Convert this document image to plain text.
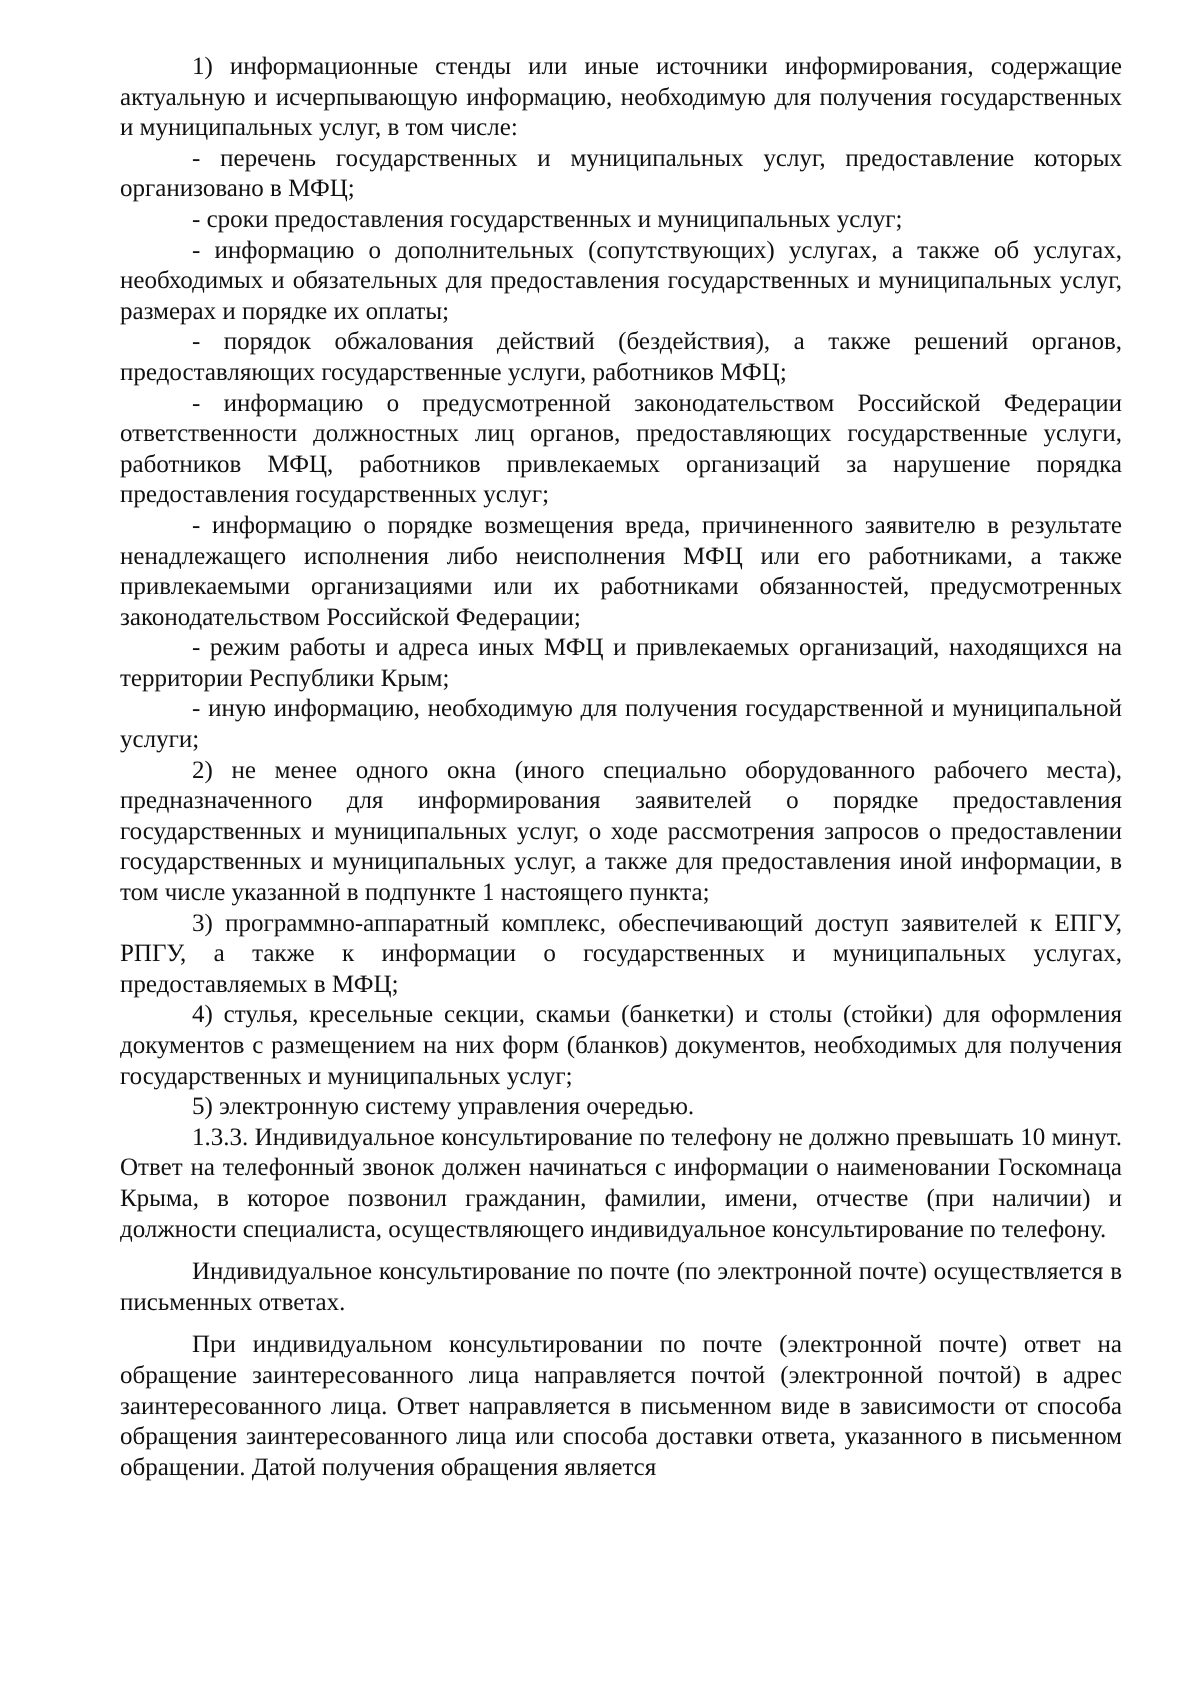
1) информационные стенды или иные источники информирования, содержащие актуальную и исчерпывающую информацию, необходимую для получения государственных и муниципальных услуг, в том числе:

- перечень государственных и муниципальных услуг, предоставление которых организовано в МФЦ;

- сроки предоставления государственных и муниципальных услуг;

- информацию о дополнительных (сопутствующих) услугах, а также об услугах, необходимых и обязательных для предоставления государственных и муниципальных услуг, размерах и порядке их оплаты;

- порядок обжалования действий (бездействия), а также решений органов, предоставляющих государственные услуги, работников МФЦ;

- информацию о предусмотренной законодательством Российской Федерации ответственности должностных лиц органов, предоставляющих государственные услуги, работников МФЦ, работников привлекаемых организаций за нарушение порядка предоставления государственных услуг;

- информацию о порядке возмещения вреда, причиненного заявителю в результате ненадлежащего исполнения либо неисполнения МФЦ или его работниками, а также привлекаемыми организациями или их работниками обязанностей, предусмотренных законодательством Российской Федерации;

- режим работы и адреса иных МФЦ и привлекаемых организаций, находящихся на территории Республики Крым;

- иную информацию, необходимую для получения государственной и муниципальной услуги;

2) не менее одного окна (иного специально оборудованного рабочего места), предназначенного для информирования заявителей о порядке предоставления государственных и муниципальных услуг, о ходе рассмотрения запросов о предоставлении государственных и муниципальных услуг, а также для предоставления иной информации, в том числе указанной в подпункте 1 настоящего пункта;

3) программно-аппаратный комплекс, обеспечивающий доступ заявителей к ЕПГУ, РПГУ, а также к информации о государственных и муниципальных услугах, предоставляемых в МФЦ;

4) стулья, кресельные секции, скамьи (банкетки) и столы (стойки) для оформления документов с размещением на них форм (бланков) документов, необходимых для получения государственных и муниципальных услуг;

5) электронную систему управления очередью.

1.3.3. Индивидуальное консультирование по телефону не должно превышать 10 минут. Ответ на телефонный звонок должен начинаться с информации о наименовании Госкомнаца Крыма, в которое позвонил гражданин, фамилии, имени, отчестве (при наличии) и должности специалиста, осуществляющего индивидуальное консультирование по телефону.

Индивидуальное консультирование по почте (по электронной почте) осуществляется в письменных ответах.

При индивидуальном консультировании по почте (электронной почте) ответ на обращение заинтересованного лица направляется почтой (электронной почтой) в адрес заинтересованного лица. Ответ направляется в письменном виде в зависимости от способа обращения заинтересованного лица или способа доставки ответа, указанного в письменном обращении. Датой получения обращения является
